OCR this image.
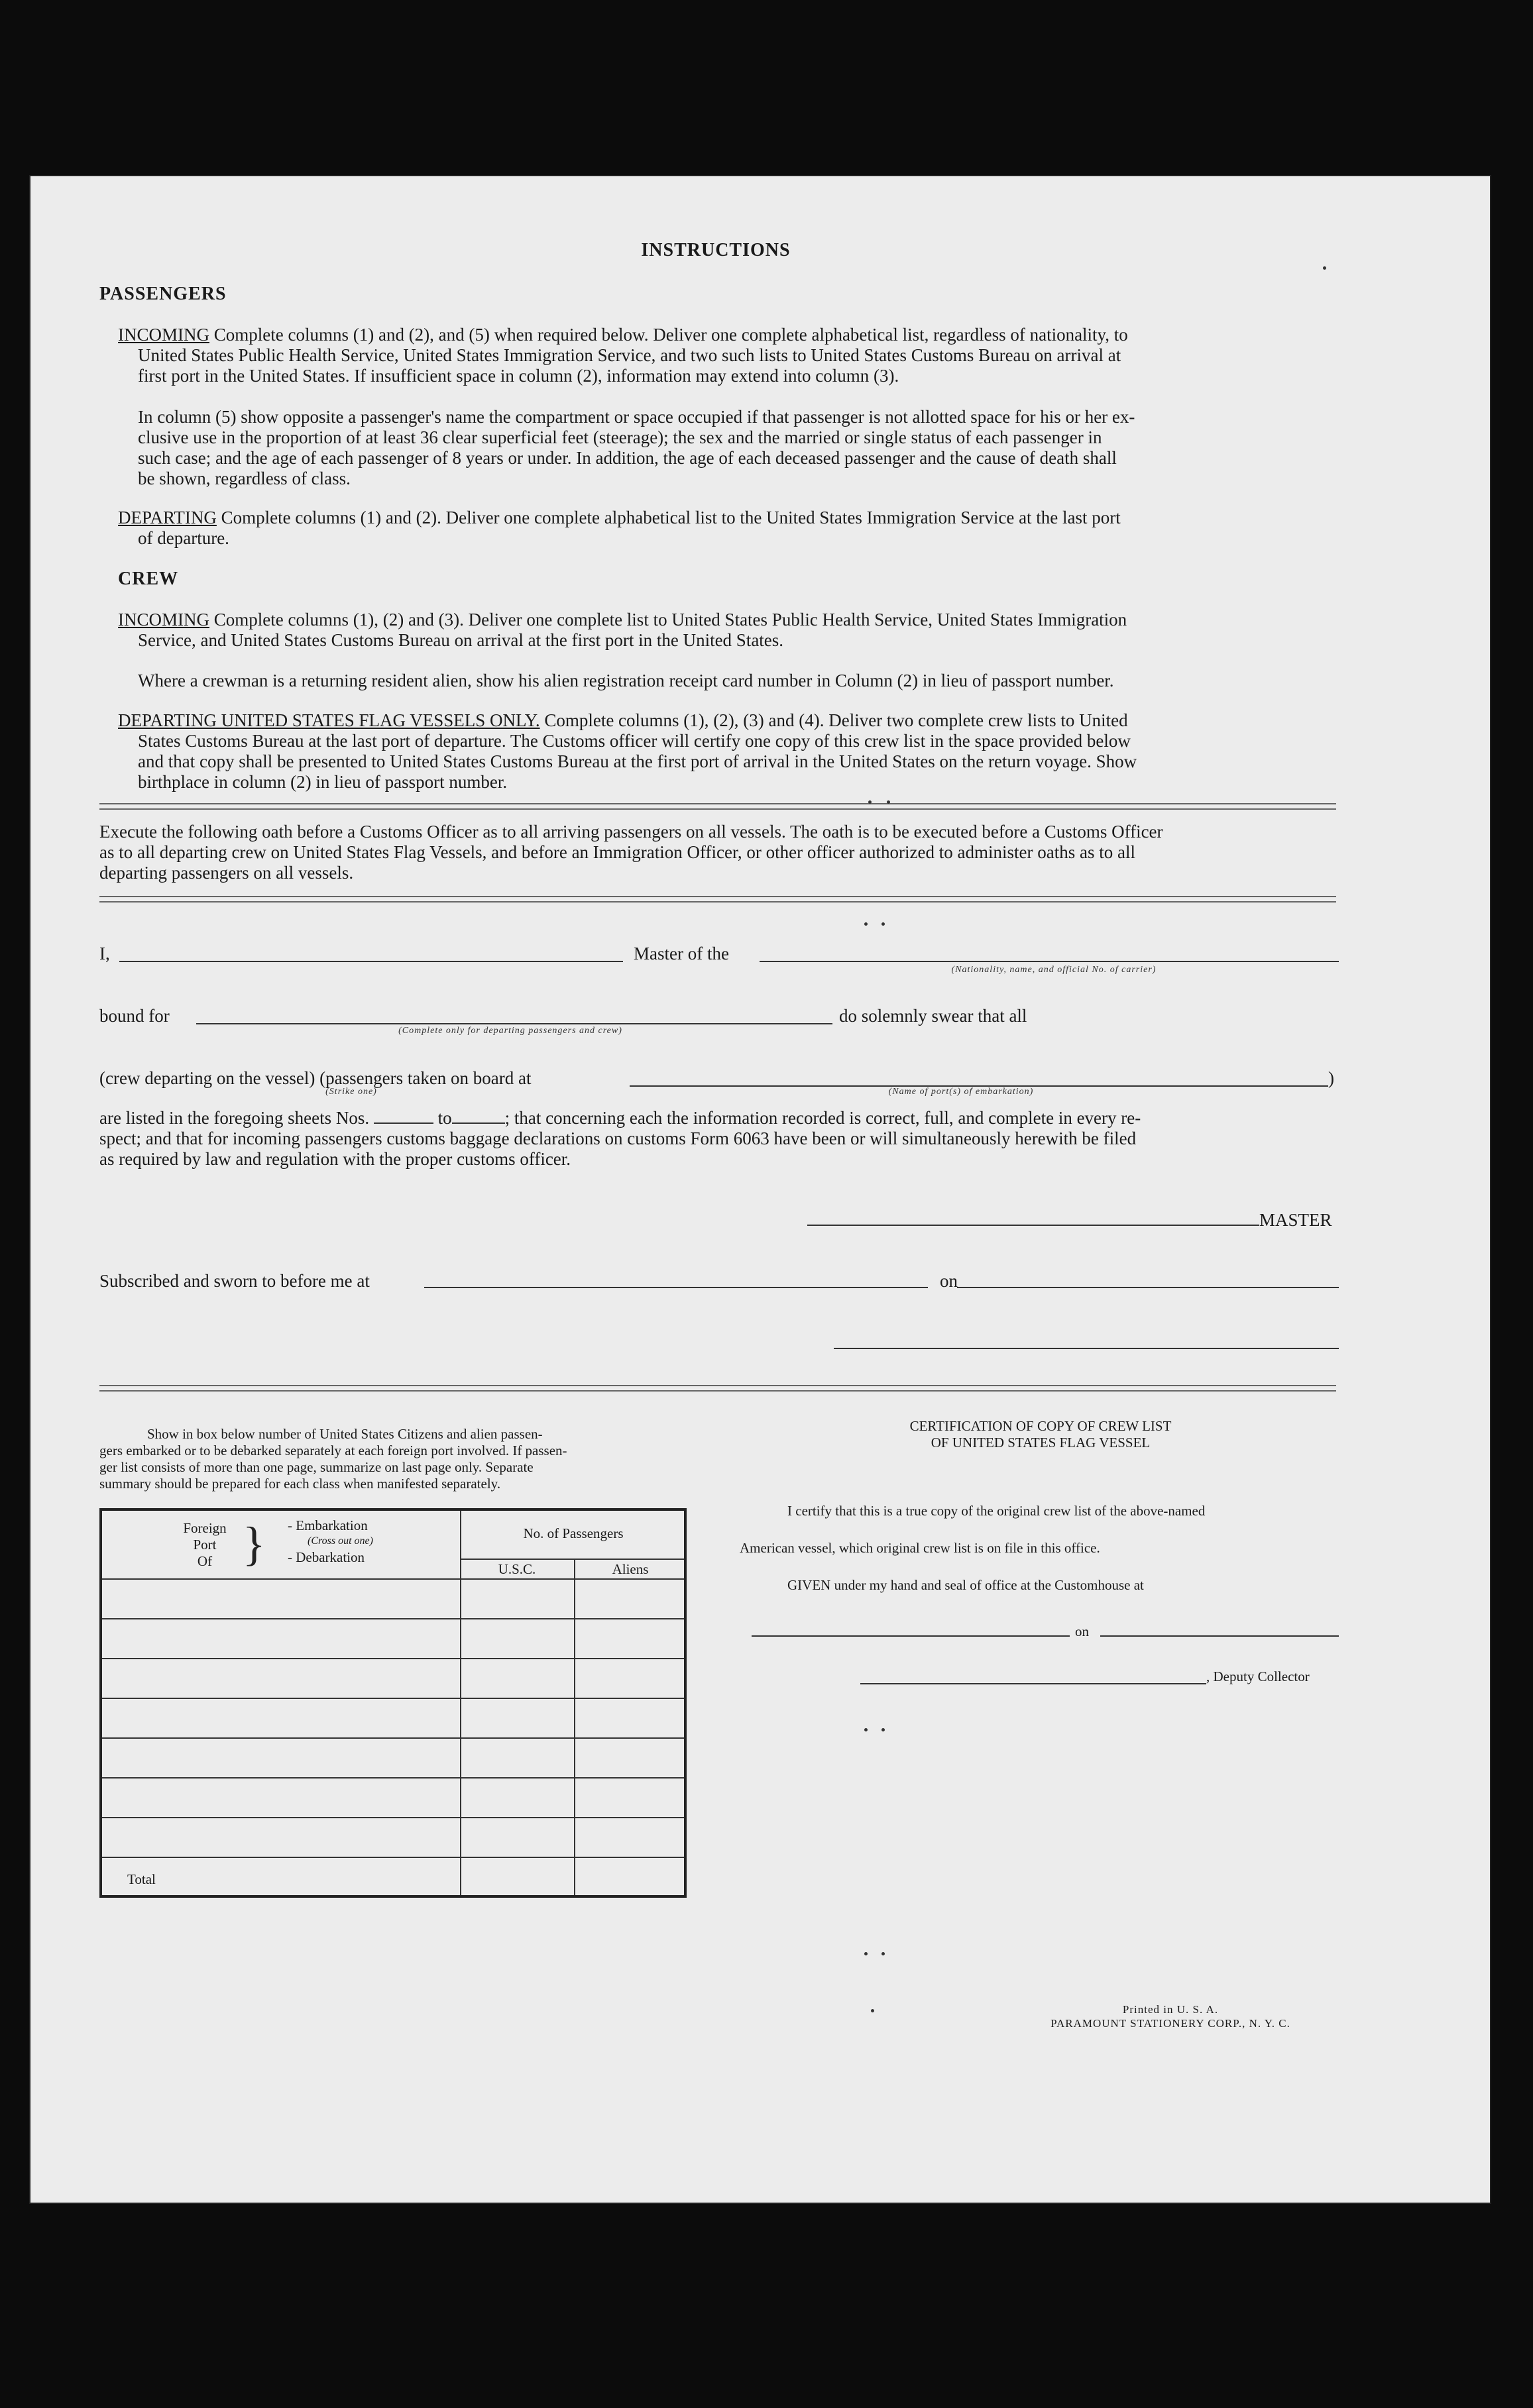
INSTRUCTIONS
PASSENGERS
INCOMING Complete columns (1) and (2), and (5) when required below. Deliver one complete alphabetical list, regardless of nationality, to
United States Public Health Service, United States Immigration Service, and two such lists to United States Customs Bureau on arrival at
first port in the United States. If insufficient space in column (2), information may extend into column (3).
In column (5) show opposite a passenger's name the compartment or space occupied if that passenger is not allotted space for his or her ex-
clusive use in the proportion of at least 36 clear superficial feet (steerage); the sex and the married or single status of each passenger in
such case; and the age of each passenger of 8 years or under. In addition, the age of each deceased passenger and the cause of death shall
be shown, regardless of class.
DEPARTING Complete columns (1) and (2). Deliver one complete alphabetical list to the United States Immigration Service at the last port
of departure.
CREW
INCOMING Complete columns (1), (2) and (3). Deliver one complete list to United States Public Health Service, United States Immigration
Service, and United States Customs Bureau on arrival at the first port in the United States.
Where a crewman is a returning resident alien, show his alien registration receipt card number in Column (2) in lieu of passport number.
DEPARTING UNITED STATES FLAG VESSELS ONLY. Complete columns (1), (2), (3) and (4). Deliver two complete crew lists to United
States Customs Bureau at the last port of departure. The Customs officer will certify one copy of this crew list in the space provided below
and that copy shall be presented to United States Customs Bureau at the first port of arrival in the United States on the return voyage. Show
birthplace in column (2) in lieu of passport number.
Execute the following oath before a Customs Officer as to all arriving passengers on all vessels. The oath is to be executed before a Customs Officer
as to all departing crew on United States Flag Vessels, and before an Immigration Officer, or other officer authorized to administer oaths as to all
departing passengers on all vessels.
I,	Master of the
(Nationality, name, and official No. of carrier)
bound for
(Complete only for departing passengers and crew)
do solemnly swear that all
(crew departing on the vessel) (passengers taken on board at	)
(Strike one)	(Name of port(s) of embarkation)
are listed in the foregoing sheets Nos.	to	; that concerning each the information recorded is correct, full, and complete in every re-
spect; and that for incoming passengers customs baggage declarations on customs Form 6063 have been or will simultaneously herewith be filed
as required by law and regulation with the proper customs officer.
MASTER
Subscribed and sworn to before me at	on
Show in box below number of United States Citizens and alien passen-
gers embarked or to be debarked separately at each foreign port involved. If passen-
ger list consists of more than one page, summarize on last page only. Separate
summary should be prepared for each class when manifested separately.
Foreign
Port
Of } - Embarkation
(Cross out one)
- Debarkation
No. of Passengers
U.S.C.	Aliens
Total
CERTIFICATION OF COPY OF CREW LIST
OF UNITED STATES FLAG VESSEL
I certify that this is a true copy of the original crew list of the above-named
American vessel, which original crew list is on file in this office.
GIVEN under my hand and seal of office at the Customhouse at
on
, Deputy Collector
Printed in U. S. A.
PARAMOUNT STATIONERY CORP., N. Y. C.
